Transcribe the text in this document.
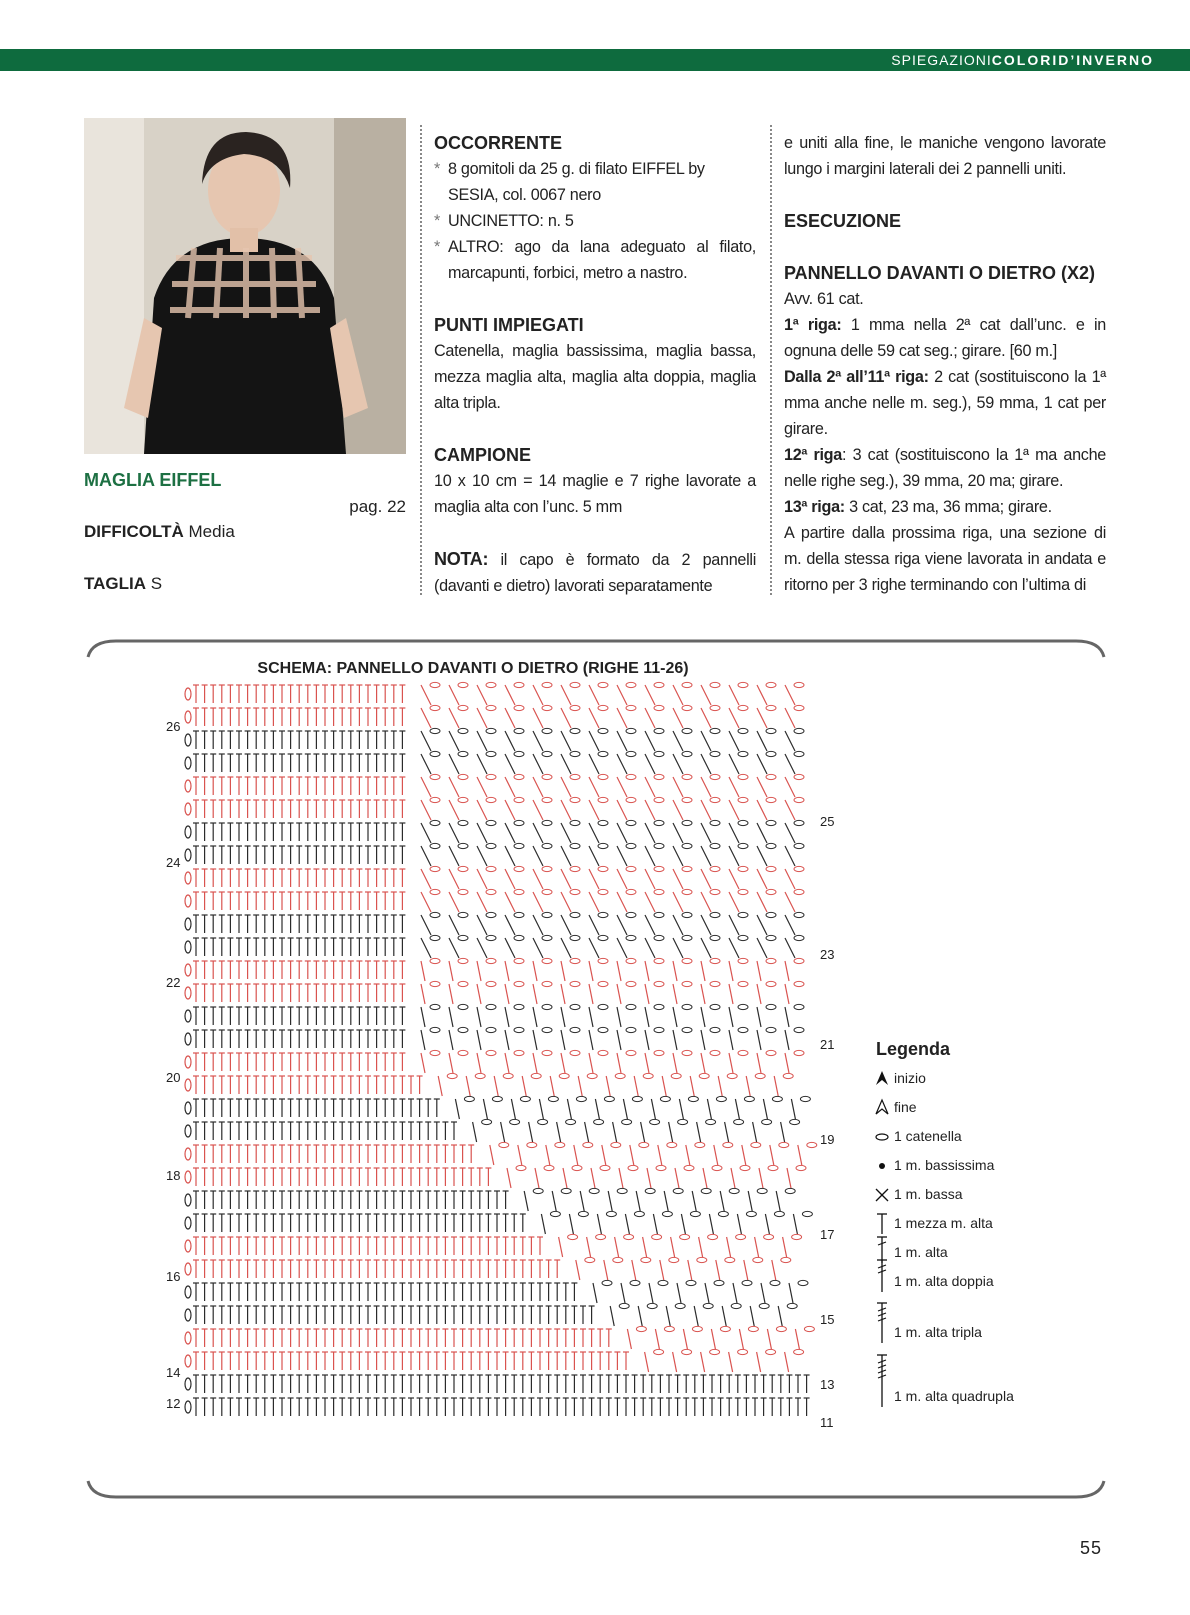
SPIEGAZIONICOLORID’INVERNO
MAGLIA EIFFEL
pag. 22
DIFFICOLTÀ Media
TAGLIA S
OCCORRENTE
* 8 gomitoli da 25 g. di filato EIFFEL by SESIA, col. 0067 nero
* UNCINETTO: n. 5
* ALTRO: ago da lana adeguato al filato, marcapunti, forbici, metro a nastro.
PUNTI IMPIEGATI

Catenella, maglia bassissima, maglia bassa, mezza maglia alta, maglia alta doppia, maglia alta tripla.

CAMPIONE

10 x 10 cm = 14 maglie e 7 righe lavorate a maglia alta con l’unc. 5 mm

NOTA: il capo è formato da 2 pannelli (davanti e dietro) lavorati separatamente

e uniti alla fine, le maniche vengono lavorate lungo i margini laterali dei 2 pannelli uniti.

ESECUZIONE
PANNELLO DAVANTI O DIETRO (X2)

Avv. 61 cat.

1ª riga: 1 mma nella 2ª cat dall’unc. e in ognuna delle 59 cat seg.; girare. [60 m.]

Dalla 2ª all’11ª riga: 2 cat (sostituiscono la 1ª mma anche nelle m. seg.), 59 mma, 1 cat per girare.

12ª riga: 3 cat (sostituiscono la 1ª ma anche nelle righe seg.), 39 mma, 20 ma; girare.

13ª riga: 3 cat, 23 ma, 36 mma; girare.

A partire dalla prossima riga, una sezione di m. della stessa riga viene lavorata in andata e ritorno per 3 righe terminando con l’ultima di

SCHEMA: PANNELLO DAVANTI O DIETRO (RIGHE 11-26)
26
24
22
20
18
16
14
12
25
23
21
19
17
15
13
11
Legenda
inizio
fine
1 catenella
1 m. bassissima
1 m. bassa
1 mezza m. alta
1 m. alta
1 m. alta doppia
1 m. alta tripla
1 m. alta quadrupla
55
